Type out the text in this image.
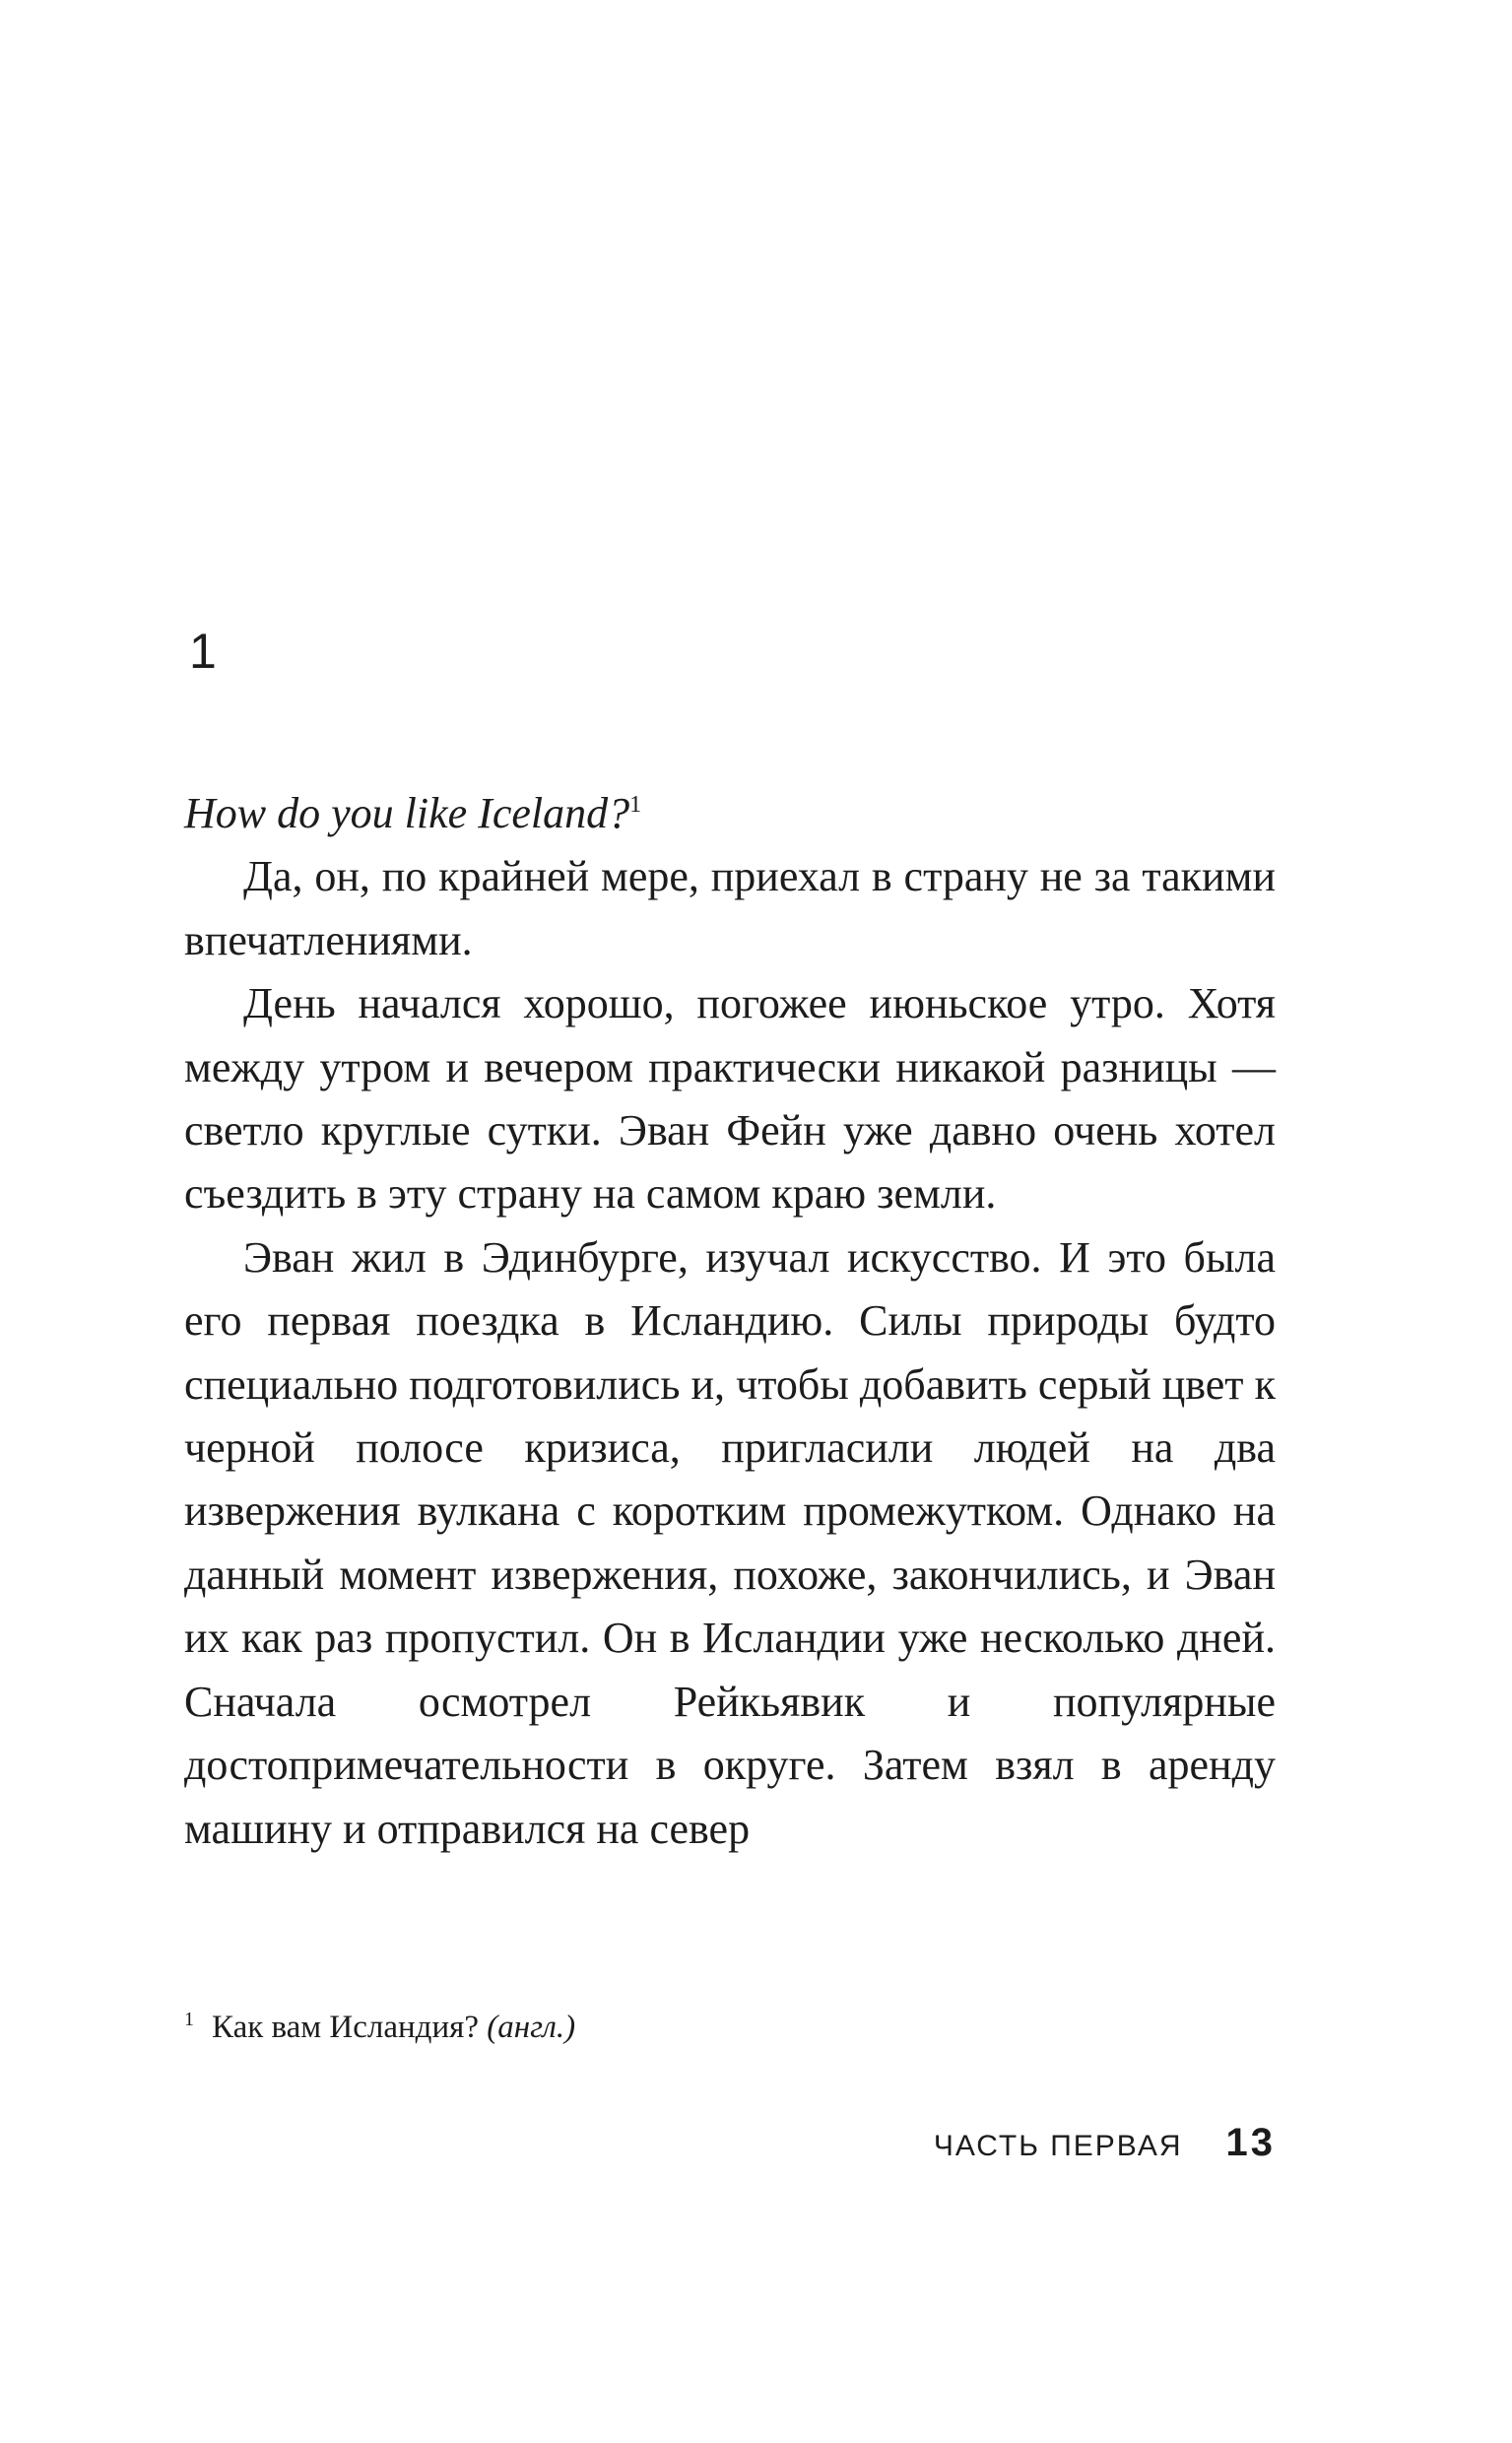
1

How do you like Iceland?$^1$

Да, он, по крайней мере, приехал в страну не за такими впечатлениями.

День начался хорошо, погожее июньское утро. Хотя между утром и вечером практически никакой разницы — светло круглые сутки. Эван Фейн уже давно очень хотел съездить в эту страну на самом краю земли.

Эван жил в Эдинбурге, изучал искусство. И это была его первая поездка в Исландию. Силы природы будто специально подготовились и, чтобы добавить серый цвет к черной полосе кризиса, пригласили людей на два извержения вулкана с коротким промежутком. Однако на данный момент извержения, похоже, закончились, и Эван их как раз пропустил. Он в Исландии уже несколько дней. Сначала осмотрел Рейкьявик и популярные достопримечательности в округе. Затем взял в аренду машину и отправился на север

$^1$ Как вам Исландия? (англ.)
ЧАСТЬ ПЕРВАЯ 13
